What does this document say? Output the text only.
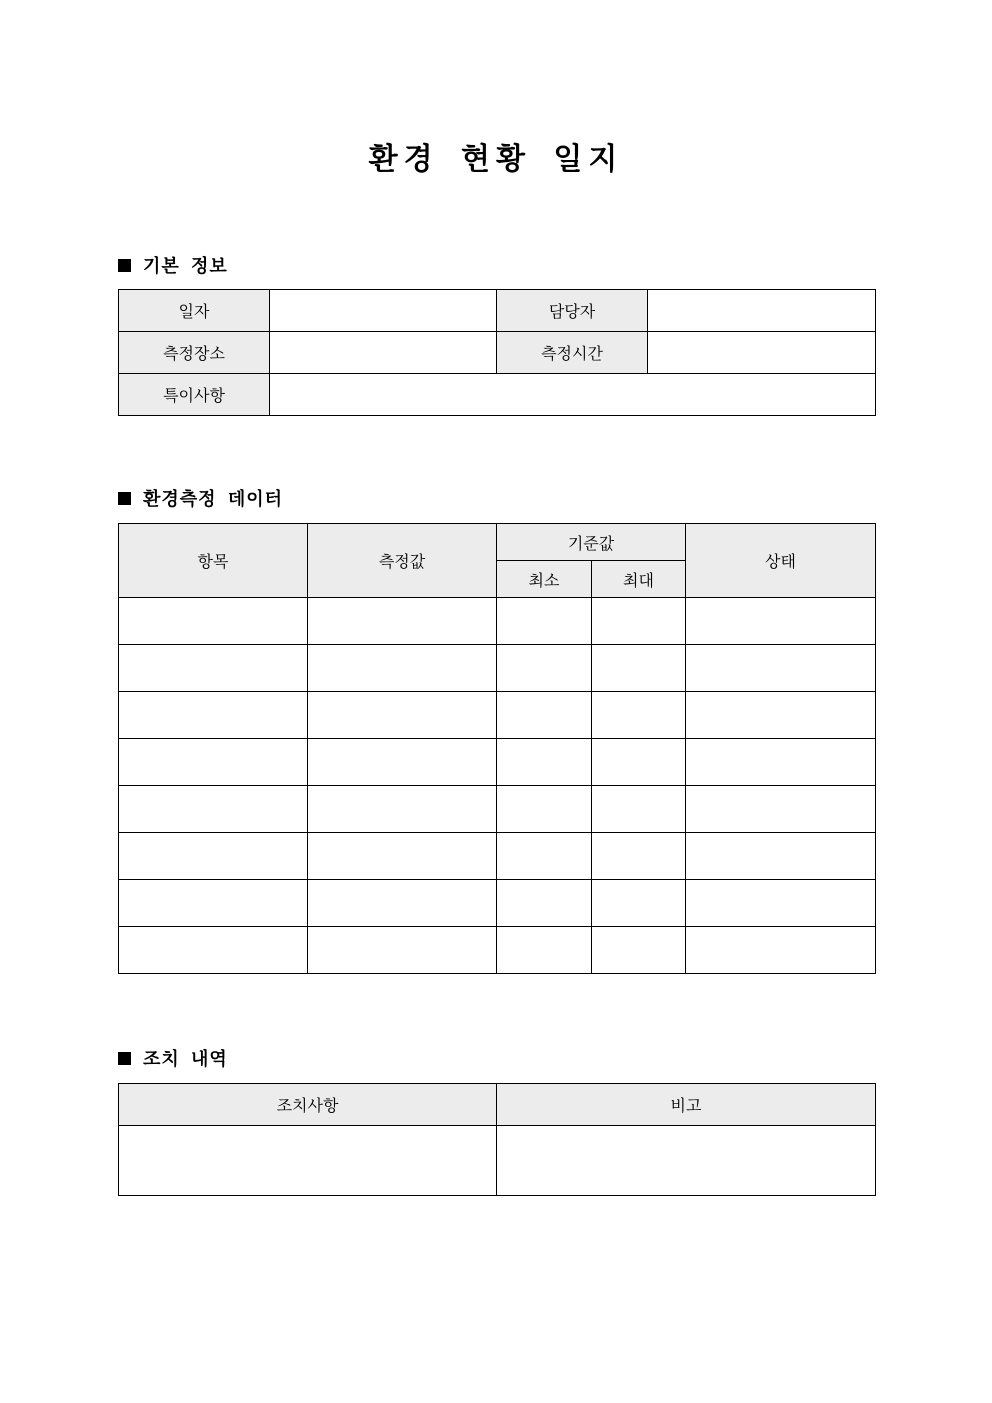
환경 현황 일지
기본 정보
일자		담당자	
측정장소		측정시간	
특이사항			
환경측정 데이터
항목	측정값	기준값		상태
		최소	최대	

조치 내역
조치사항	비고
